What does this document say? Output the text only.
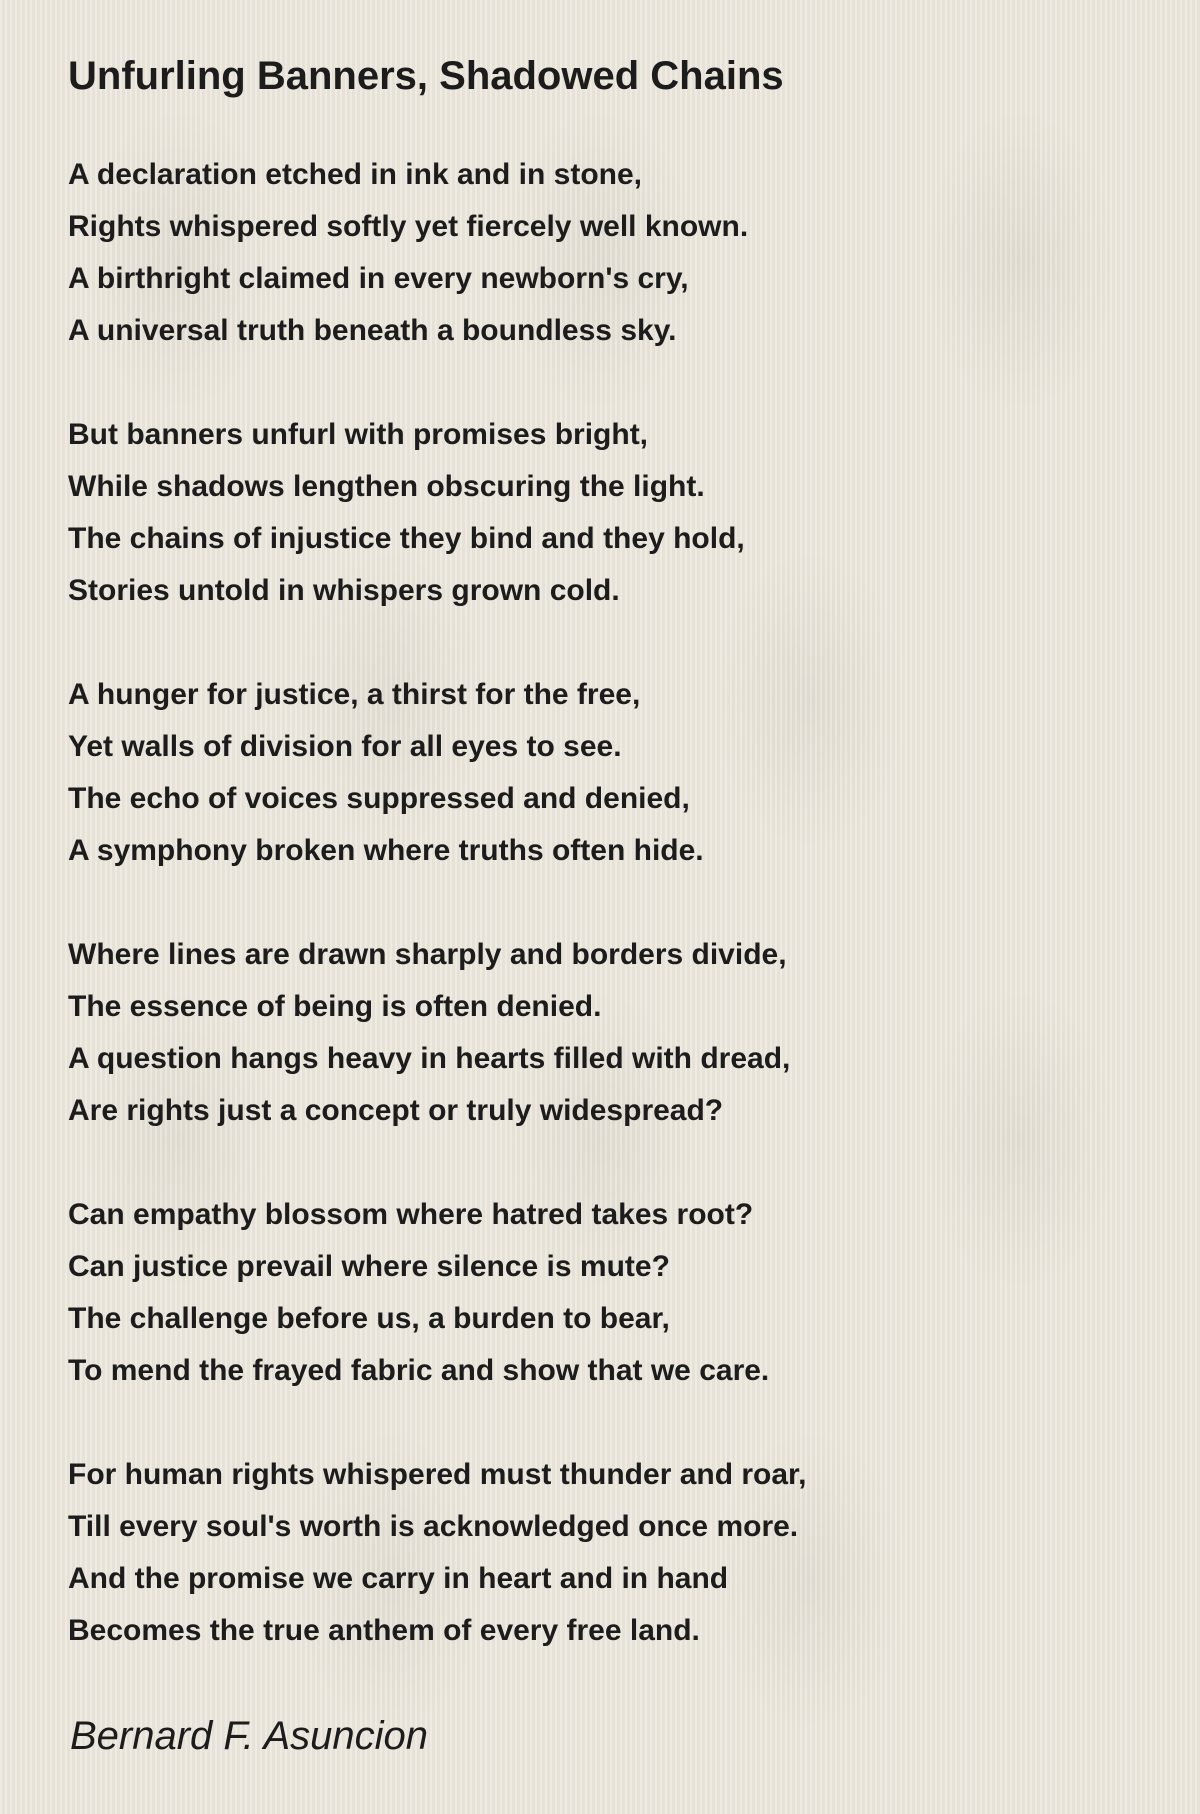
Unfurling Banners, Shadowed Chains
A declaration etched in ink and in stone,
Rights whispered softly yet fiercely well known.
A birthright claimed in every newborn's cry,
A universal truth beneath a boundless sky.
But banners unfurl with promises bright,
While shadows lengthen obscuring the light.
The chains of injustice they bind and they hold,
Stories untold in whispers grown cold.
A hunger for justice, a thirst for the free,
Yet walls of division for all eyes to see.
The echo of voices suppressed and denied,
A symphony broken where truths often hide.
Where lines are drawn sharply and borders divide,
The essence of being is often denied.
A question hangs heavy in hearts filled with dread,
Are rights just a concept or truly widespread?
Can empathy blossom where hatred takes root?
Can justice prevail where silence is mute?
The challenge before us, a burden to bear,
To mend the frayed fabric and show that we care.
For human rights whispered must thunder and roar,
Till every soul's worth is acknowledged once more.
And the promise we carry in heart and in hand
Becomes the true anthem of every free land.
Bernard F. Asuncion
